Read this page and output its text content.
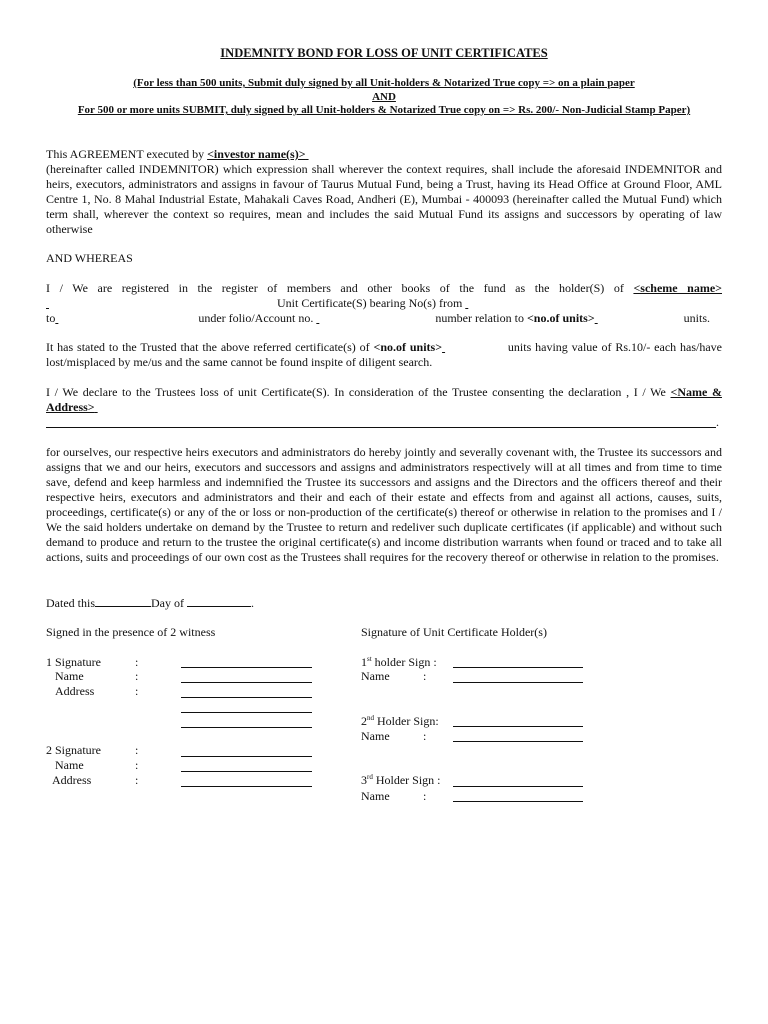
INDEMNITY BOND FOR LOSS OF UNIT CERTIFICATES
(For less than 500 units, Submit duly signed by all Unit-holders & Notarized True copy => on a plain paper
AND
For 500 or more units SUBMIT, duly signed by all Unit-holders & Notarized True copy on => Rs. 200/- Non-Judicial Stamp Paper)
This AGREEMENT executed by <investor name(s)>
(hereinafter called INDEMNITOR) which expression shall wherever the context requires, shall include the aforesaid INDEMNITOR and heirs, executors, administrators and assigns in favour of Taurus Mutual Fund, being a Trust, having its Head Office at Ground Floor, AML Centre 1, No. 8 Mahal Industrial Estate, Mahakali Caves Road, Andheri (E), Mumbai - 400093 (hereinafter called the Mutual Fund) which term shall, wherever the context so requires, mean and includes the said Mutual Fund its assigns and successors by operating of law otherwise
AND WHEREAS
I / We are registered in the register of members and other books of the fund as the holder(S) of <scheme name>  Unit Certificate(S) bearing No(s) from
to	under folio/Account no.	number relation to <no.of units>	units.
It has stated to the Trusted that the above referred certificate(s) of <no.of units>	units having value of Rs.10/- each has/have lost/misplaced by me/us and the same cannot be found inspite of diligent search.
I / We declare to the Trustees loss of unit Certificate(S). In consideration of the Trustee consenting the declaration , I / We <Name & Address>
.
for ourselves, our respective heirs executors and administrators do hereby jointly and severally covenant with, the Trustee its successors and assigns that we and our heirs, executors and successors and assigns and administrators respectively will at all times and from time to time save, defend and keep harmless and indemnified the Trustee its successors and assigns and the Directors and the officers thereof and their respective heirs, executors and administrators and their and each of their estate and effects from and against all actions, causes, suits, proceedings, certificate(s) or any of the or loss or non-production of the certificate(s) thereof or otherwise in relation to the promises and I / We the said holders undertake on demand by the Trustee to return and redeliver such duplicate certificates (if applicable) and without such demand to produce and return to the trustee the original certificate(s) and income distribution warrants when found or traced and to take all actions, suits and proceedings of our own cost as the Trustees shall requires for the recovery thereof or otherwise in relation to the promises.
Dated this	Day of	.
Signed in the presence of 2 witness
1 Signature	:
Name	:
Address	:
2 Signature	:
Name	:
Address	:
Signature of Unit Certificate Holder(s)
1st holder Sign :
Name	:
2nd Holder Sign:
Name	:
3rd Holder Sign :
Name	:
